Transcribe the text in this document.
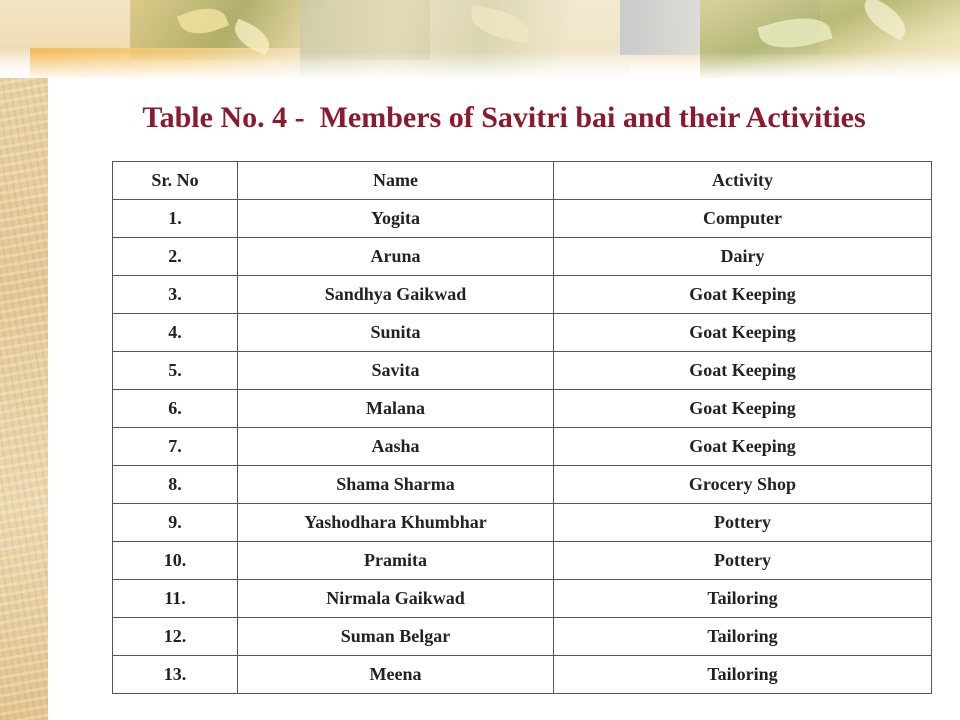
Table No. 4 -  Members of Savitri bai and their Activities
Sr. No	Name	Activity
1.	Yogita	Computer
2.	Aruna	Dairy
3.	Sandhya Gaikwad	Goat Keeping
4.	Sunita	Goat Keeping
5.	Savita	Goat Keeping
6.	Malana	Goat Keeping
7.	Aasha	Goat Keeping
8.	Shama Sharma	Grocery Shop
9.	Yashodhara Khumbhar	Pottery
10.	Pramita	Pottery
11.	Nirmala Gaikwad	Tailoring
12.	Suman Belgar	Tailoring
13.	Meena	Tailoring
